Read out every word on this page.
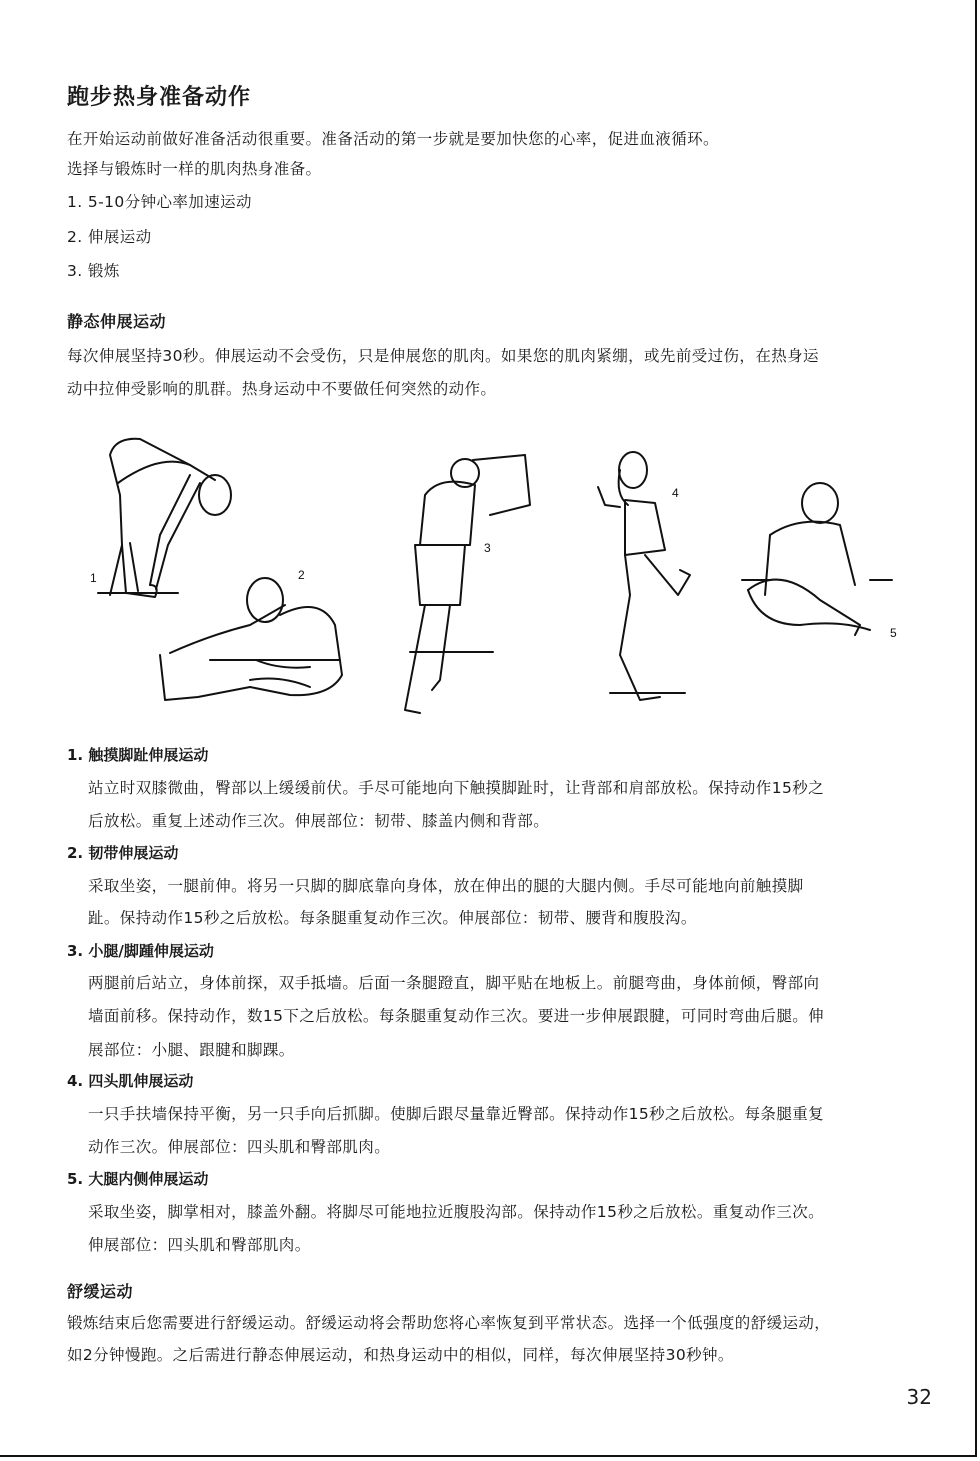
跑步热身准备动作
在开始运动前做好准备活动很重要。准备活动的第一步就是要加快您的心率，促进血液循环。
选择与锻炼时一样的肌肉热身准备。
1. 5-10分钟心率加速运动
2. 伸展运动
3. 锻炼
静态伸展运动
每次伸展坚持30秒。伸展运动不会受伤，只是伸展您的肌肉。如果您的肌肉紧绷，或先前受过伤，在热身运
动中拉伸受影响的肌群。热身运动中不要做任何突然的动作。
1	2
3
4
5
1. 触摸脚趾伸展运动
站立时双膝微曲，臀部以上缓缓前伏。手尽可能地向下触摸脚趾时，让背部和肩部放松。保持动作15秒之
后放松。重复上述动作三次。伸展部位：韧带、膝盖内侧和背部。
2. 韧带伸展运动
采取坐姿，一腿前伸。将另一只脚的脚底靠向身体，放在伸出的腿的大腿内侧。手尽可能地向前触摸脚
趾。保持动作15秒之后放松。每条腿重复动作三次。伸展部位：韧带、腰背和腹股沟。
3. 小腿/脚踵伸展运动
两腿前后站立，身体前探，双手抵墙。后面一条腿蹬直，脚平贴在地板上。前腿弯曲，身体前倾，臀部向
墙面前移。保持动作，数15下之后放松。每条腿重复动作三次。要进一步伸展跟腱，可同时弯曲后腿。伸
展部位：小腿、跟腱和脚踝。
4. 四头肌伸展运动
一只手扶墙保持平衡，另一只手向后抓脚。使脚后跟尽量靠近臀部。保持动作15秒之后放松。每条腿重复
动作三次。伸展部位：四头肌和臀部肌肉。
5. 大腿内侧伸展运动
采取坐姿，脚掌相对，膝盖外翻。将脚尽可能地拉近腹股沟部。保持动作15秒之后放松。重复动作三次。
伸展部位：四头肌和臀部肌肉。
舒缓运动
锻炼结束后您需要进行舒缓运动。舒缓运动将会帮助您将心率恢复到平常状态。选择一个低强度的舒缓运动，
如2分钟慢跑。之后需进行静态伸展运动，和热身运动中的相似，同样，每次伸展坚持30秒钟。
32
